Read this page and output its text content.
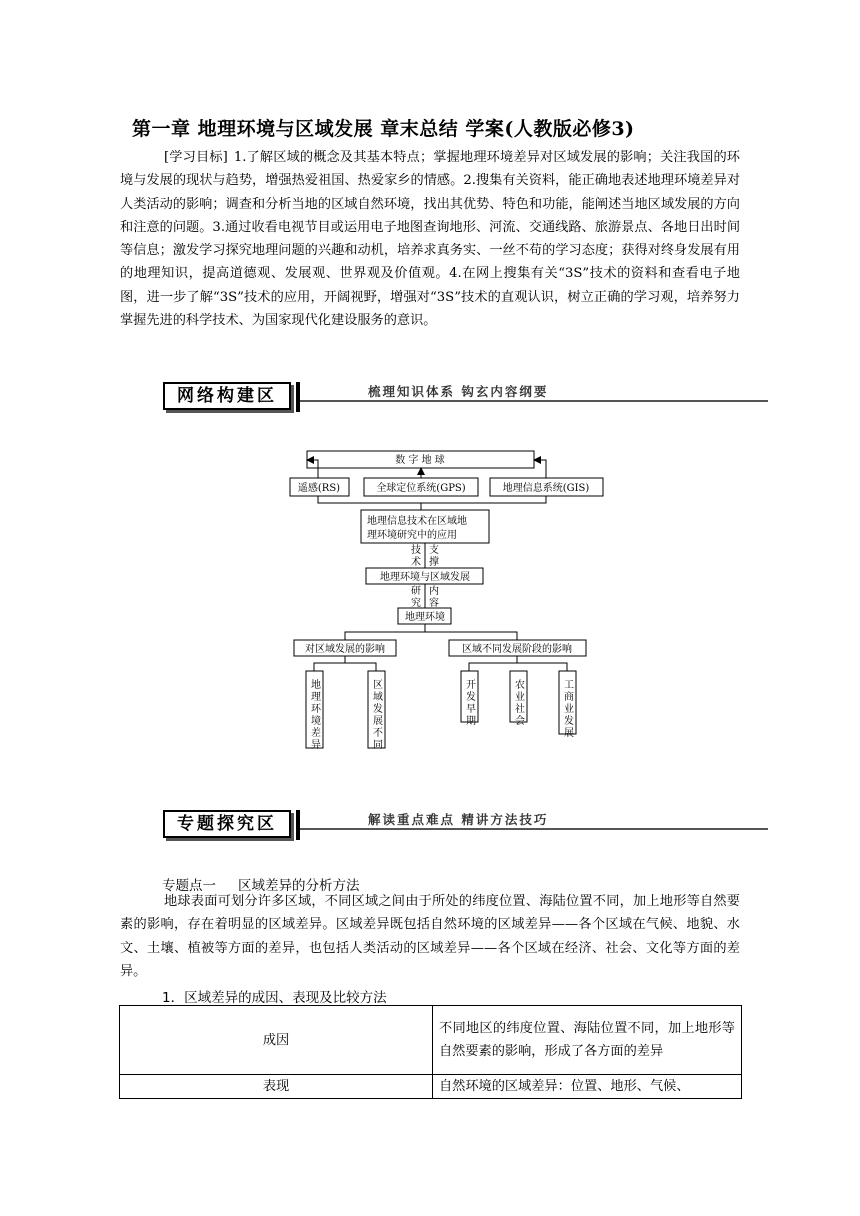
第一章 地理环境与区域发展 章末总结 学案(人教版必修3)
[学习目标] 1.了解区域的概念及其基本特点；掌握地理环境差异对区域发展的影响；关注我国的环境与发展的现状与趋势，增强热爱祖国、热爱家乡的情感。2.搜集有关资料，能正确地表述地理环境差异对人类活动的影响；调查和分析当地的区域自然环境，找出其优势、特色和功能，能阐述当地区域发展的方向和注意的问题。3.通过收看电视节目或运用电子地图查询地形、河流、交通线路、旅游景点、各地日出时间等信息；激发学习探究地理问题的兴趣和动机，培养求真务实、一丝不苟的学习态度；获得对终身发展有用的地理知识，提高道德观、发展观、世界观及价值观。4.在网上搜集有关“3S”技术的资料和查看电子地图，进一步了解“3S”技术的应用，开阔视野，增强对“3S”技术的直观认识，树立正确的学习观，培养努力掌握先进的科学技术、为国家现代化建设服务的意识。
网络构建区	梳理知识体系 钩玄内容纲要
数 字 地 球
遥感(RS)	全球定位系统(GPS)	地理信息系统(GIS)
地理信息技术在区域地
理环境研究中的应用
技
术
支
撑
地理环境与区域发展
研
究
内
容
地理环境
对区域发展的影响	区域不同发展阶段的影响
地理环境差异	区域发展不同	开发早期	农业社会	工商业发展
专题探究区	解读重点难点 精讲方法技巧
专题点一 区域差异的分析方法
地球表面可划分许多区域，不同区域之间由于所处的纬度位置、海陆位置不同，加上地形等自然要素的影响，存在着明显的区域差异。区域差异既包括自然环境的区域差异——各个区域在气候、地貌、水文、土壤、植被等方面的差异，也包括人类活动的区域差异——各个区域在经济、社会、文化等方面的差异。
1．区域差异的成因、表现及比较方法
成因	不同地区的纬度位置、海陆位置不同，加上地形等自然要素的影响，形成了各方面的差异
表现	自然环境的区域差异：位置、地形、气候、
